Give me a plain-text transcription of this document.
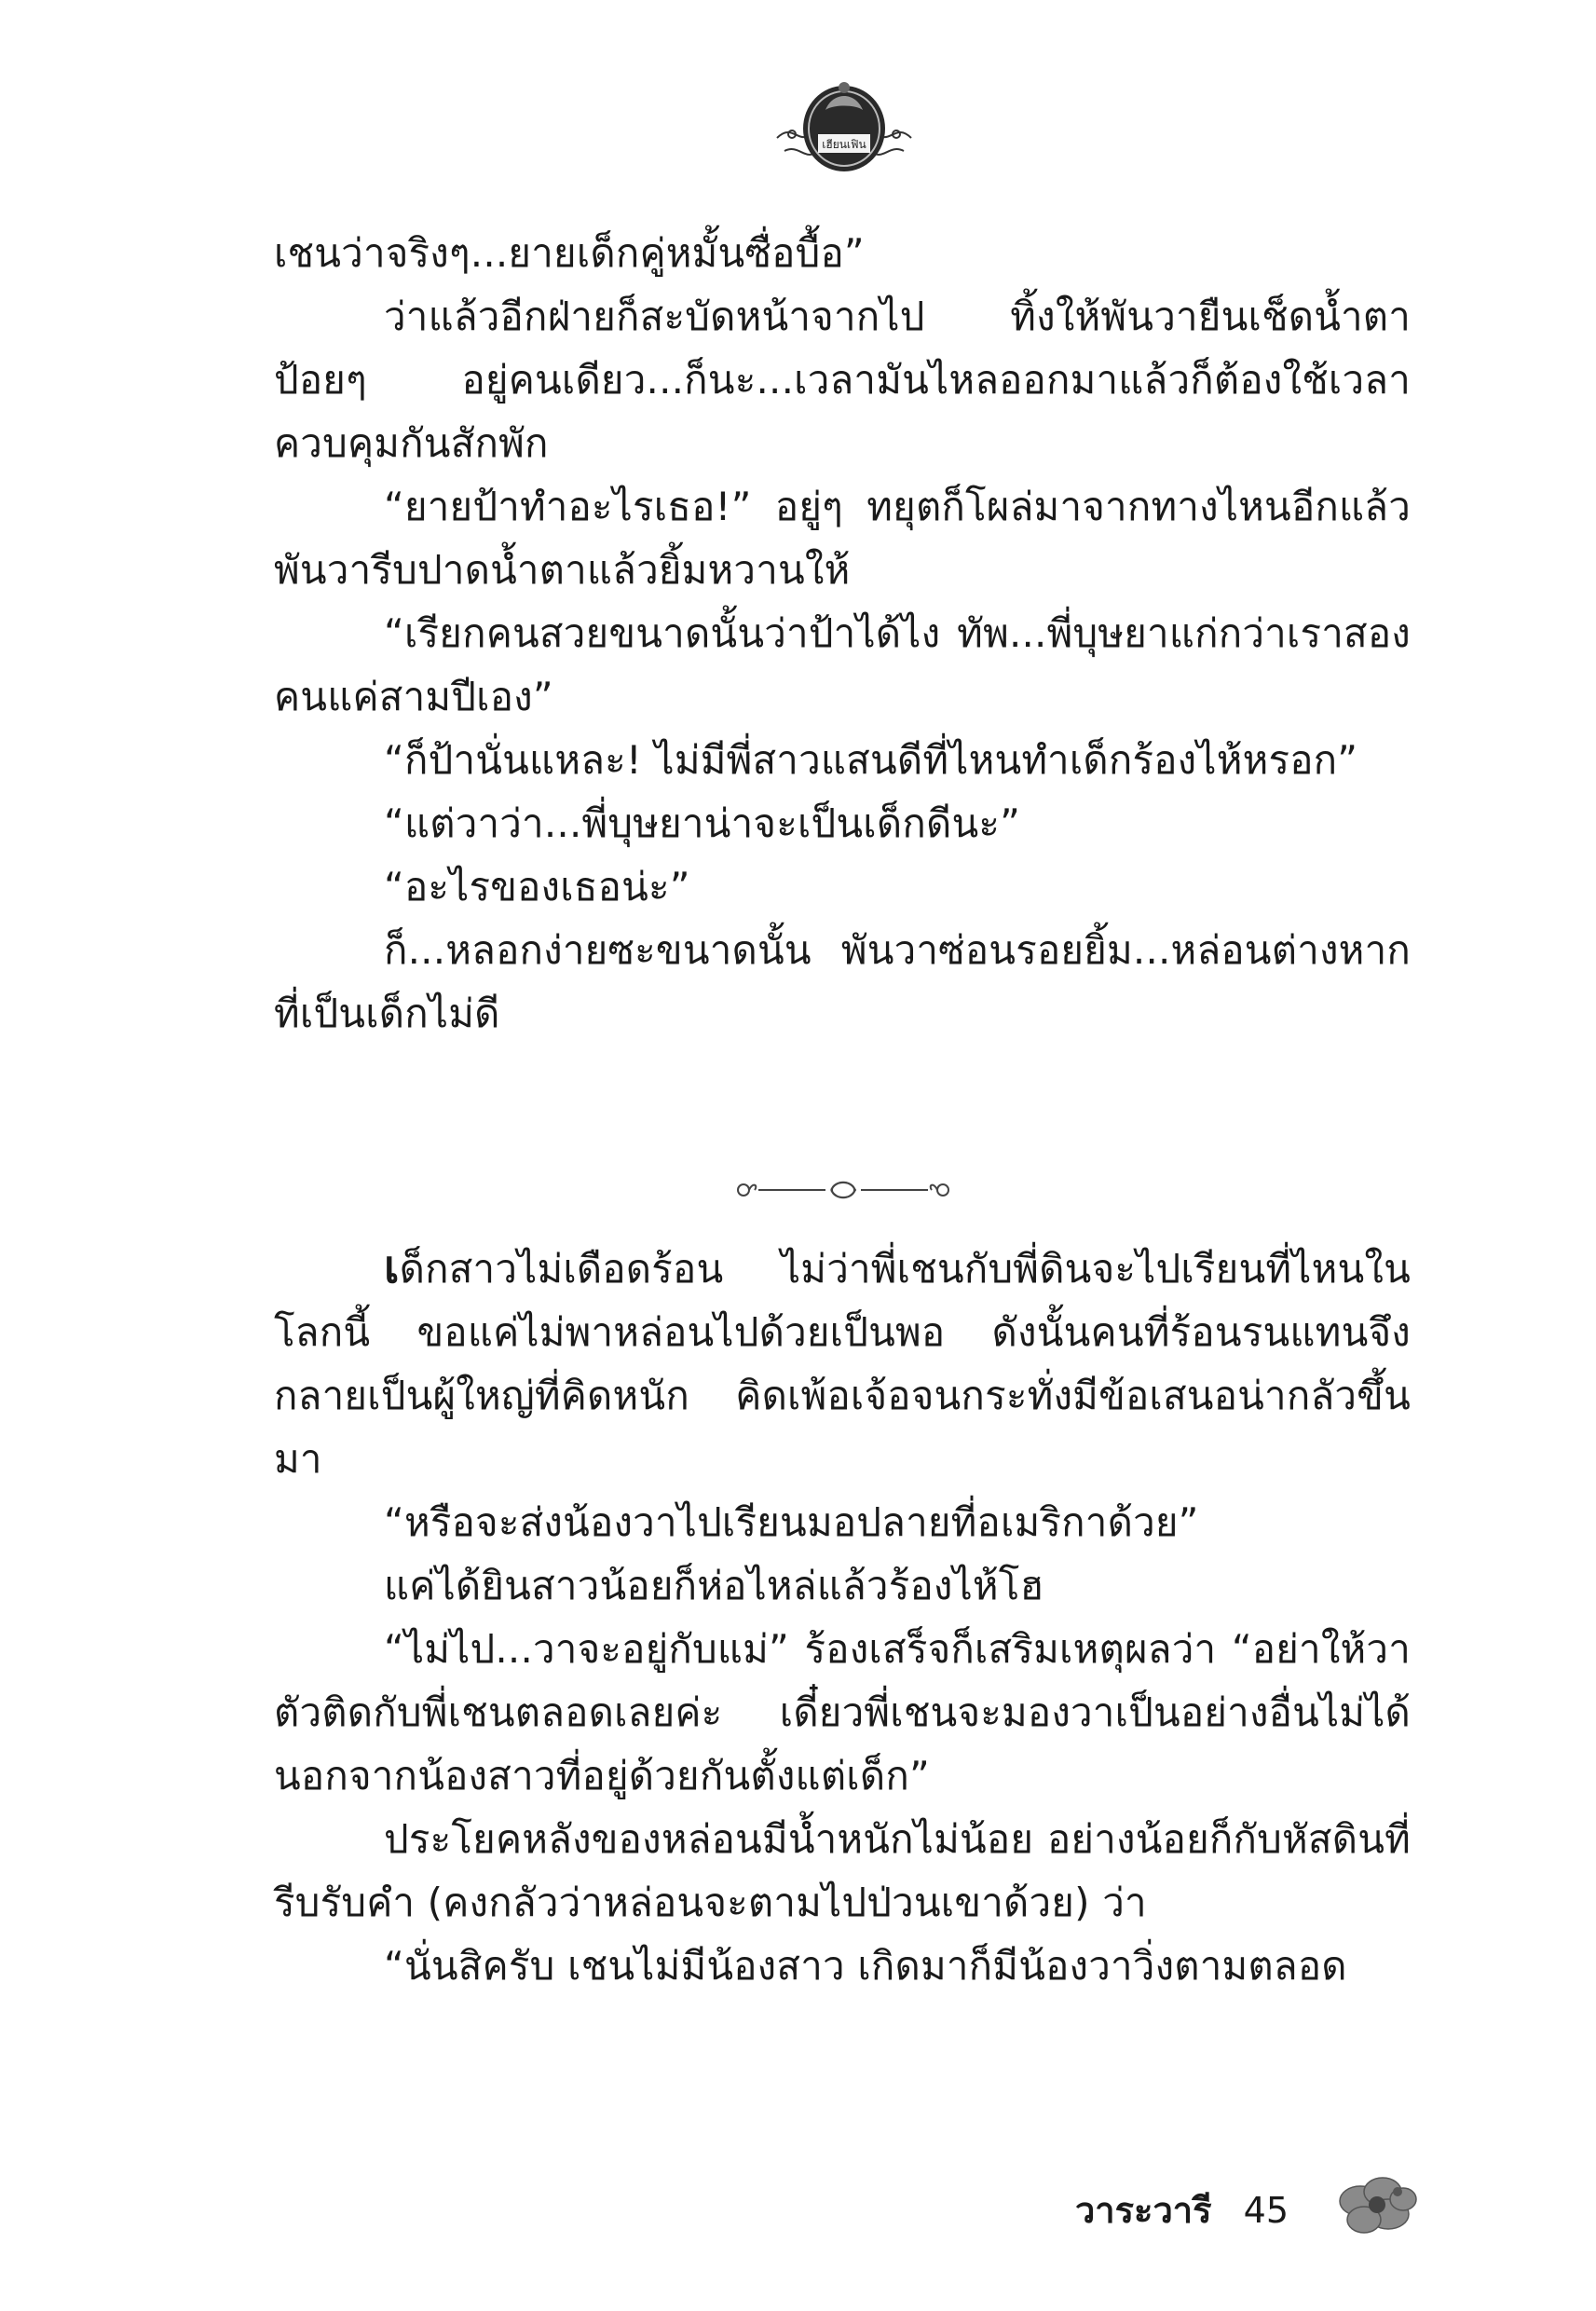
เฮียนเฟิน

เชนว่าจริงๆ...ยายเด็กคู่หมั้นซื่อบื้อ”

ว่าแล้วอีกฝ่ายก็สะบัดหน้าจากไป ทิ้งให้พันวายืนเช็ดน้ำตาป้อยๆ อยู่คนเดียว...ก็นะ...เวลามันไหลออกมาแล้วก็ต้องใช้เวลาควบคุมกันสักพัก

“ยายป้าทำอะไรเธอ!” อยู่ๆ ทยุตก็โผล่มาจากทางไหนอีกแล้ว พันวารีบปาดน้ำตาแล้วยิ้มหวานให้

“เรียกคนสวยขนาดนั้นว่าป้าได้ไง ทัพ...พี่บุษยาแก่กว่าเราสองคนแค่สามปีเอง”

“ก็ป้านั่นแหละ! ไม่มีพี่สาวแสนดีที่ไหนทำเด็กร้องไห้หรอก”

“แต่วาว่า...พี่บุษยาน่าจะเป็นเด็กดีนะ”

“อะไรของเธอน่ะ”

ก็...หลอกง่ายซะขนาดนั้น พันวาซ่อนรอยยิ้ม...หล่อนต่างหากที่เป็นเด็กไม่ดี

เด็กสาวไม่เดือดร้อน ไม่ว่าพี่เชนกับพี่ดินจะไปเรียนที่ไหนในโลกนี้ ขอแค่ไม่พาหล่อนไปด้วยเป็นพอ ดังนั้นคนที่ร้อนรนแทนจึงกลายเป็นผู้ใหญ่ที่คิดหนัก คิดเพ้อเจ้อจนกระทั่งมีข้อเสนอน่ากลัวขึ้นมา

“หรือจะส่งน้องวาไปเรียนมอปลายที่อเมริกาด้วย”

แค่ได้ยินสาวน้อยก็ห่อไหล่แล้วร้องไห้โฮ

“ไม่ไป...วาจะอยู่กับแม่” ร้องเสร็จก็เสริมเหตุผลว่า “อย่าให้วาตัวติดกับพี่เชนตลอดเลยค่ะ เดี๋ยวพี่เชนจะมองวาเป็นอย่างอื่นไม่ได้นอกจากน้องสาวที่อยู่ด้วยกันตั้งแต่เด็ก”

ประโยคหลังของหล่อนมีน้ำหนักไม่น้อย อย่างน้อยก็กับหัสดินที่รีบรับคำ (คงกลัวว่าหล่อนจะตามไปป่วนเขาด้วย) ว่า

“นั่นสิครับ เชนไม่มีน้องสาว เกิดมาก็มีน้องวาวิ่งตามตลอด

วาระวารี 45
